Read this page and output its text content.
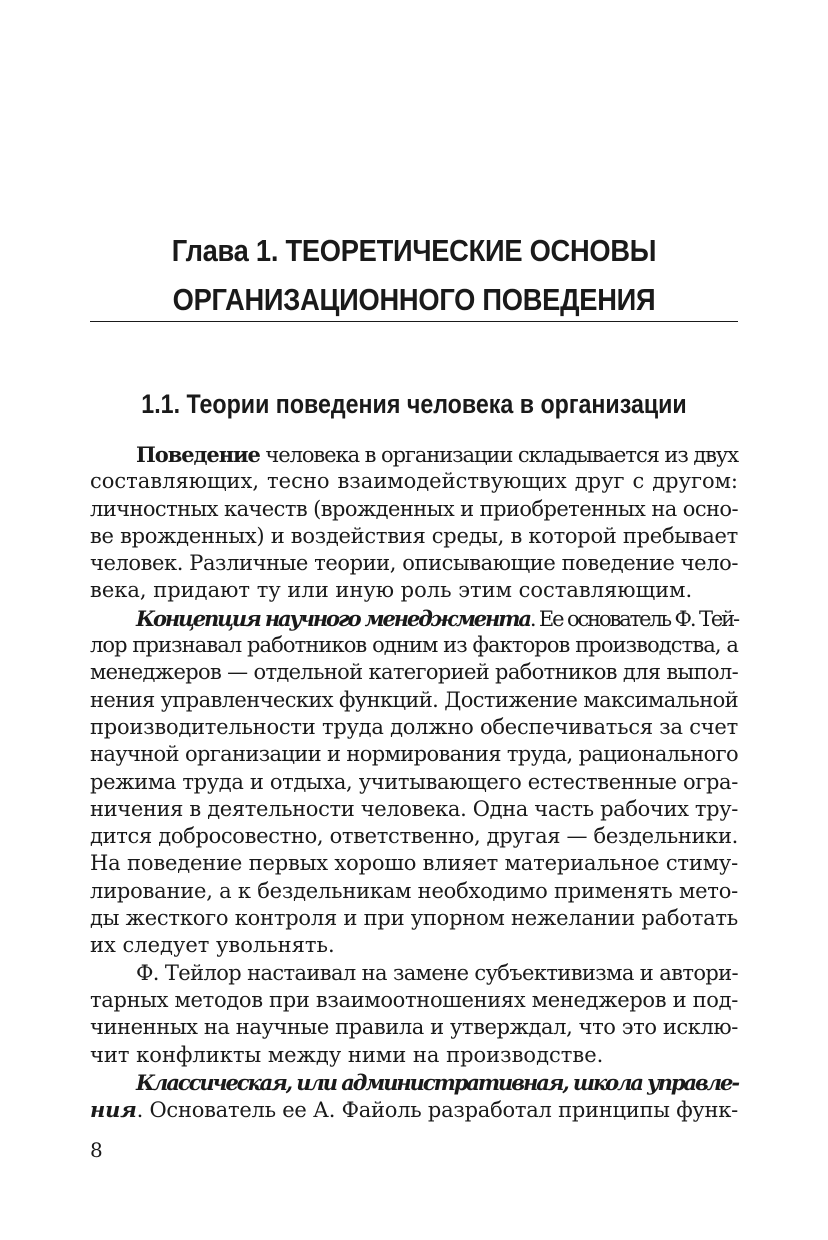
Глава 1. ТЕОРЕТИЧЕСКИЕ ОСНОВЫ
ОРГАНИЗАЦИОННОГО ПОВЕДЕНИЯ
1.1. Теории поведения человека в организации
Поведение человека в организации складывается из двух
составляющих, тесно взаимодействующих друг с другом:
личностных качеств (врожденных и приобретенных на осно-
ве врожденных) и воздействия среды, в которой пребывает
человек. Различные теории, описывающие поведение чело-
века, придают ту или иную роль этим составляющим.
Концепция научного менеджмента. Ее основатель Ф. Тей-
лор признавал работников одним из факторов производства, а
менеджеров — отдельной категорией работников для выпол-
нения управленческих функций. Достижение максимальной
производительности труда должно обеспечиваться за счет
научной организации и нормирования труда, рационального
режима труда и отдыха, учитывающего естественные огра-
ничения в деятельности человека. Одна часть рабочих тру-
дится добросовестно, ответственно, другая — бездельники.
На поведение первых хорошо влияет материальное стиму-
лирование, а к бездельникам необходимо применять мето-
ды жесткого контроля и при упорном нежелании работать
их следует увольнять.
Ф. Тейлор настаивал на замене субъективизма и автори-
тарных методов при взаимоотношениях менеджеров и под-
чиненных на научные правила и утверждал, что это исклю-
чит конфликты между ними на производстве.
Классическая, или административная, школа управле-
ния. Основатель ее А. Файоль разработал принципы функ-
8
